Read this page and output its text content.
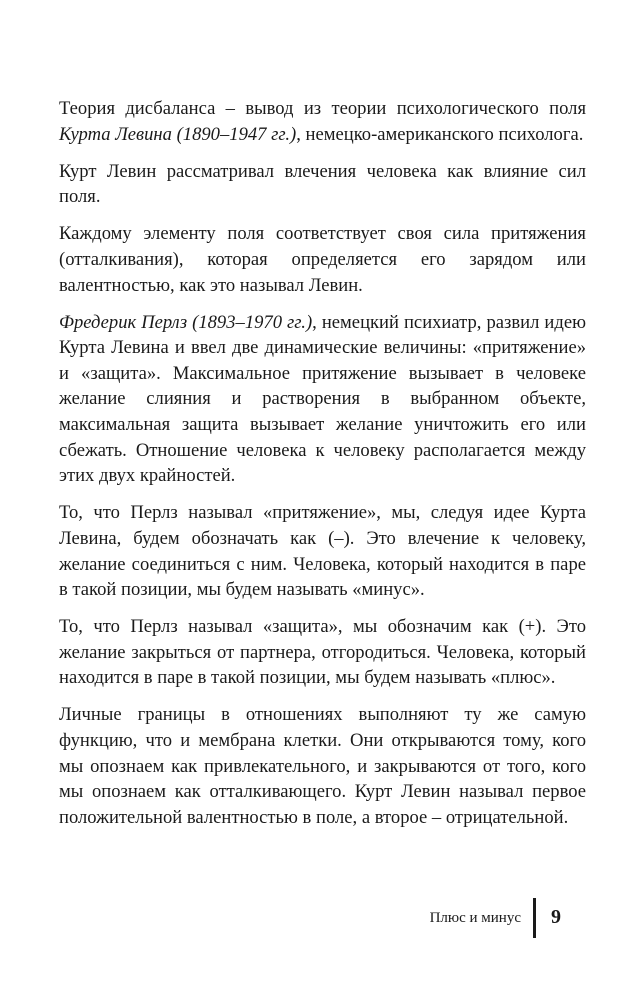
Теория дисбаланса – вывод из теории психологического поля Курта Левина (1890–1947 гг.), немецко-американского психолога.

Курт Левин рассматривал влечения человека как влияние сил поля.

Каждому элементу поля соответствует своя сила притяжения (отталкивания), которая определяется его зарядом или валентностью, как это называл Левин.

Фредерик Перлз (1893–1970 гг.), немецкий психиатр, развил идею Курта Левина и ввел две динамические величины: «притяжение» и «защита». Максимальное притяжение вызывает в человеке желание слияния и растворения в выбранном объекте, максимальная защита вызывает желание уничтожить его или сбежать. Отношение человека к человеку располагается между этих двух крайностей.

То, что Перлз называл «притяжение», мы, следуя идее Курта Левина, будем обозначать как (–). Это влечение к человеку, желание соединиться с ним. Человека, который находится в паре в такой позиции, мы будем называть «минус».

То, что Перлз называл «защита», мы обозначим как (+). Это желание закрыться от партнера, отгородиться. Человека, который находится в паре в такой позиции, мы будем называть «плюс».

Личные границы в отношениях выполняют ту же самую функцию, что и мембрана клетки. Они открываются тому, кого мы опознаем как привлекательного, и закрываются от того, кого мы опознаем как отталкивающего. Курт Левин называл первое положительной валентностью в поле, а второе – отрицательной.

Плюс и минус 9
